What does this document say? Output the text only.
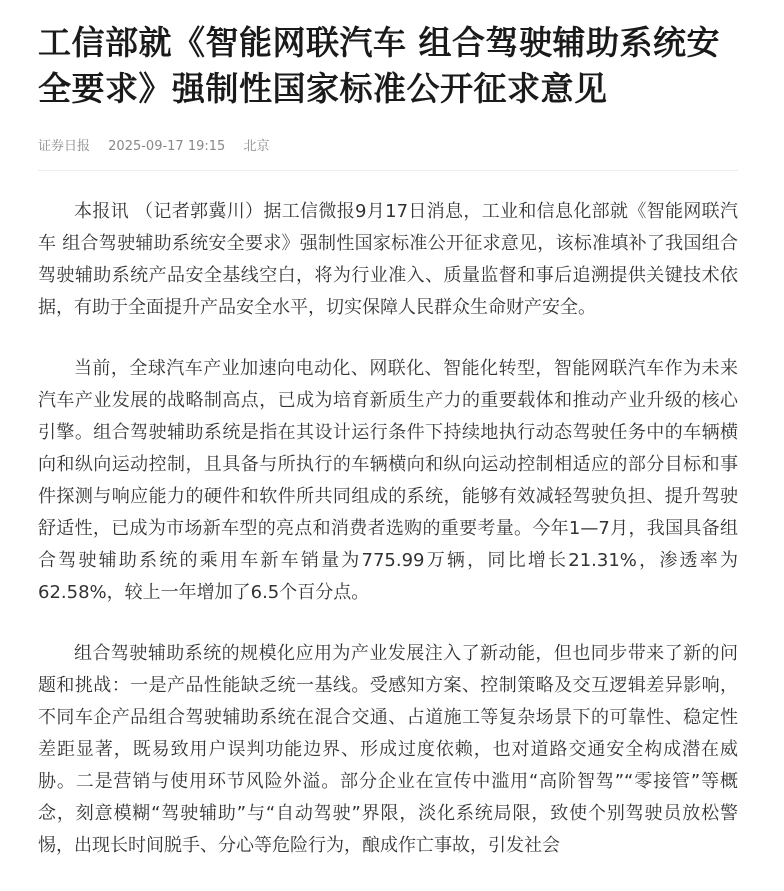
工信部就《智能网联汽车 组合驾驶辅助系统安全要求》强制性国家标准公开征求意见
证券日报 2025-09-17 19:15 北京

本报讯 （记者郭冀川）据工信微报9月17日消息，工业和信息化部就《智能网联汽车 组合驾驶辅助系统安全要求》强制性国家标准公开征求意见，该标准填补了我国组合驾驶辅助系统产品安全基线空白，将为行业准入、质量监督和事后追溯提供关键技术依据，有助于全面提升产品安全水平，切实保障人民群众生命财产安全。

当前，全球汽车产业加速向电动化、网联化、智能化转型，智能网联汽车作为未来汽车产业发展的战略制高点，已成为培育新质生产力的重要载体和推动产业升级的核心引擎。组合驾驶辅助系统是指在其设计运行条件下持续地执行动态驾驶任务中的车辆横向和纵向运动控制，且具备与所执行的车辆横向和纵向运动控制相适应的部分目标和事件探测与响应能力的硬件和软件所共同组成的系统，能够有效减轻驾驶负担、提升驾驶舒适性，已成为市场新车型的亮点和消费者选购的重要考量。今年1—7月，我国具备组合驾驶辅助系统的乘用车新车销量为775.99万辆，同比增长21.31%，渗透率为62.58%，较上一年增加了6.5个百分点。

组合驾驶辅助系统的规模化应用为产业发展注入了新动能，但也同步带来了新的问题和挑战：一是产品性能缺乏统一基线。受感知方案、控制策略及交互逻辑差异影响，不同车企产品组合驾驶辅助系统在混合交通、占道施工等复杂场景下的可靠性、稳定性差距显著，既易致用户误判功能边界、形成过度依赖，也对道路交通安全构成潜在威胁。二是营销与使用环节风险外溢。部分企业在宣传中滥用“高阶智驾”“零接管”等概念，刻意模糊“驾驶辅助”与“自动驾驶”界限，淡化系统局限，致使个别驾驶员放松警惕，出现长时间脱手、分心等危险行为，酿成作亡事故，引发社会
